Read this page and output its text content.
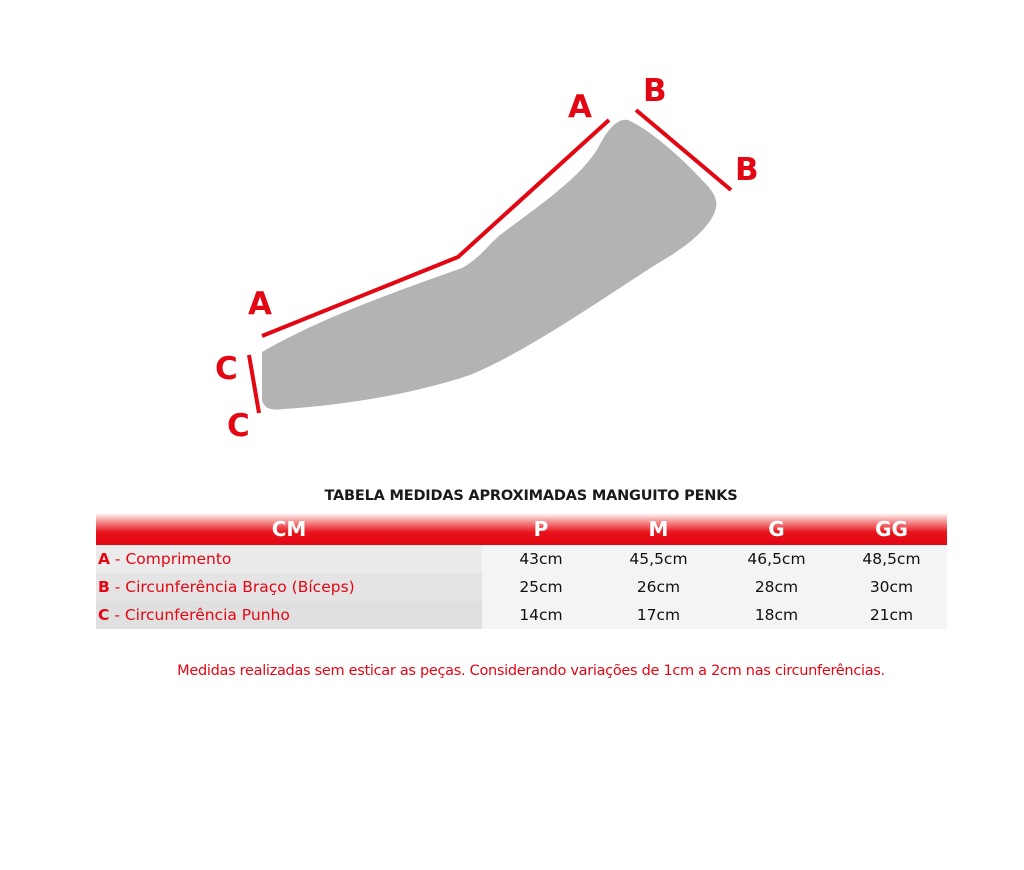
A
A
B
B
C
C
TABELA MEDIDAS APROXIMADAS MANGUITO PENKS
CM	P	M	G	GG
A - Comprimento	43cm	45,5cm	46,5cm	48,5cm
B - Circunferência Braço (Bíceps)	25cm	26cm	28cm	30cm
C - Circunferência Punho	14cm	17cm	18cm	21cm
Medidas realizadas sem esticar as peças. Considerando variações de 1cm a 2cm nas circunferências.
